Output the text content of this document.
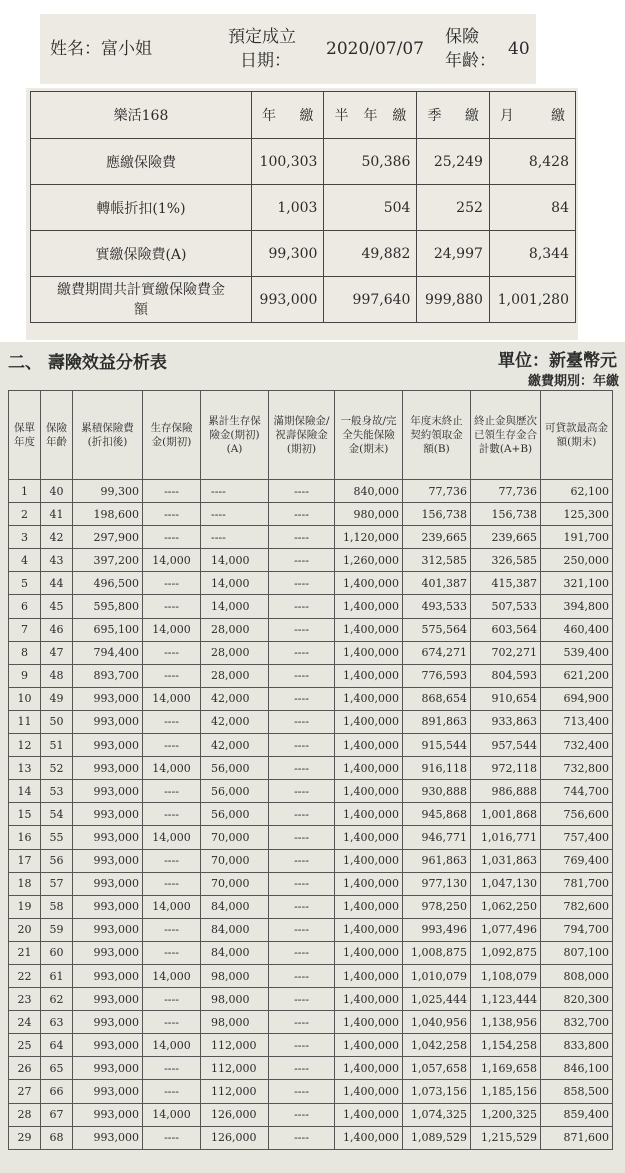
姓名：富小姐
預定成立
日期：
2020/07/07
保險
年齡：
40
樂活168	年　繳	半　年　繳	季　繳	月　繳
應繳保險費	100,303	50,386	25,249	8,428
轉帳折扣(1%)	1,003	504	252	84
實繳保險費(A)	99,300	49,882	24,997	8,344
繳費期間共計實繳保險費金額	993,000	997,640	999,880	1,001,280
二、 壽險效益分析表	單位：新臺幣元
繳費期別：年繳
保單年度	保險年齡	累積保險費(折扣後)	生存保險金(期初)	累計生存保險金(期初)(A)	滿期保險金/祝壽保險金(期初)	一般身故/完全失能保險金(期末)	年度末終止契約領取金額(B)	終止金與歷次已領生存金合計數(A+B)	可貸款最高金額(期末)
1	40	99,300	----	----	----	840,000	77,736	77,736	62,100
2	41	198,600	----	----	----	980,000	156,738	156,738	125,300
3	42	297,900	----	----	----	1,120,000	239,665	239,665	191,700
4	43	397,200	14,000	14,000	----	1,260,000	312,585	326,585	250,000
5	44	496,500	----	14,000	----	1,400,000	401,387	415,387	321,100
6	45	595,800	----	14,000	----	1,400,000	493,533	507,533	394,800
7	46	695,100	14,000	28,000	----	1,400,000	575,564	603,564	460,400
8	47	794,400	----	28,000	----	1,400,000	674,271	702,271	539,400
9	48	893,700	----	28,000	----	1,400,000	776,593	804,593	621,200
10	49	993,000	14,000	42,000	----	1,400,000	868,654	910,654	694,900
11	50	993,000	----	42,000	----	1,400,000	891,863	933,863	713,400
12	51	993,000	----	42,000	----	1,400,000	915,544	957,544	732,400
13	52	993,000	14,000	56,000	----	1,400,000	916,118	972,118	732,800
14	53	993,000	----	56,000	----	1,400,000	930,888	986,888	744,700
15	54	993,000	----	56,000	----	1,400,000	945,868	1,001,868	756,600
16	55	993,000	14,000	70,000	----	1,400,000	946,771	1,016,771	757,400
17	56	993,000	----	70,000	----	1,400,000	961,863	1,031,863	769,400
18	57	993,000	----	70,000	----	1,400,000	977,130	1,047,130	781,700
19	58	993,000	14,000	84,000	----	1,400,000	978,250	1,062,250	782,600
20	59	993,000	----	84,000	----	1,400,000	993,496	1,077,496	794,700
21	60	993,000	----	84,000	----	1,400,000	1,008,875	1,092,875	807,100
22	61	993,000	14,000	98,000	----	1,400,000	1,010,079	1,108,079	808,000
23	62	993,000	----	98,000	----	1,400,000	1,025,444	1,123,444	820,300
24	63	993,000	----	98,000	----	1,400,000	1,040,956	1,138,956	832,700
25	64	993,000	14,000	112,000	----	1,400,000	1,042,258	1,154,258	833,800
26	65	993,000	----	112,000	----	1,400,000	1,057,658	1,169,658	846,100
27	66	993,000	----	112,000	----	1,400,000	1,073,156	1,185,156	858,500
28	67	993,000	14,000	126,000	----	1,400,000	1,074,325	1,200,325	859,400
29	68	993,000	----	126,000	----	1,400,000	1,089,529	1,215,529	871,600
